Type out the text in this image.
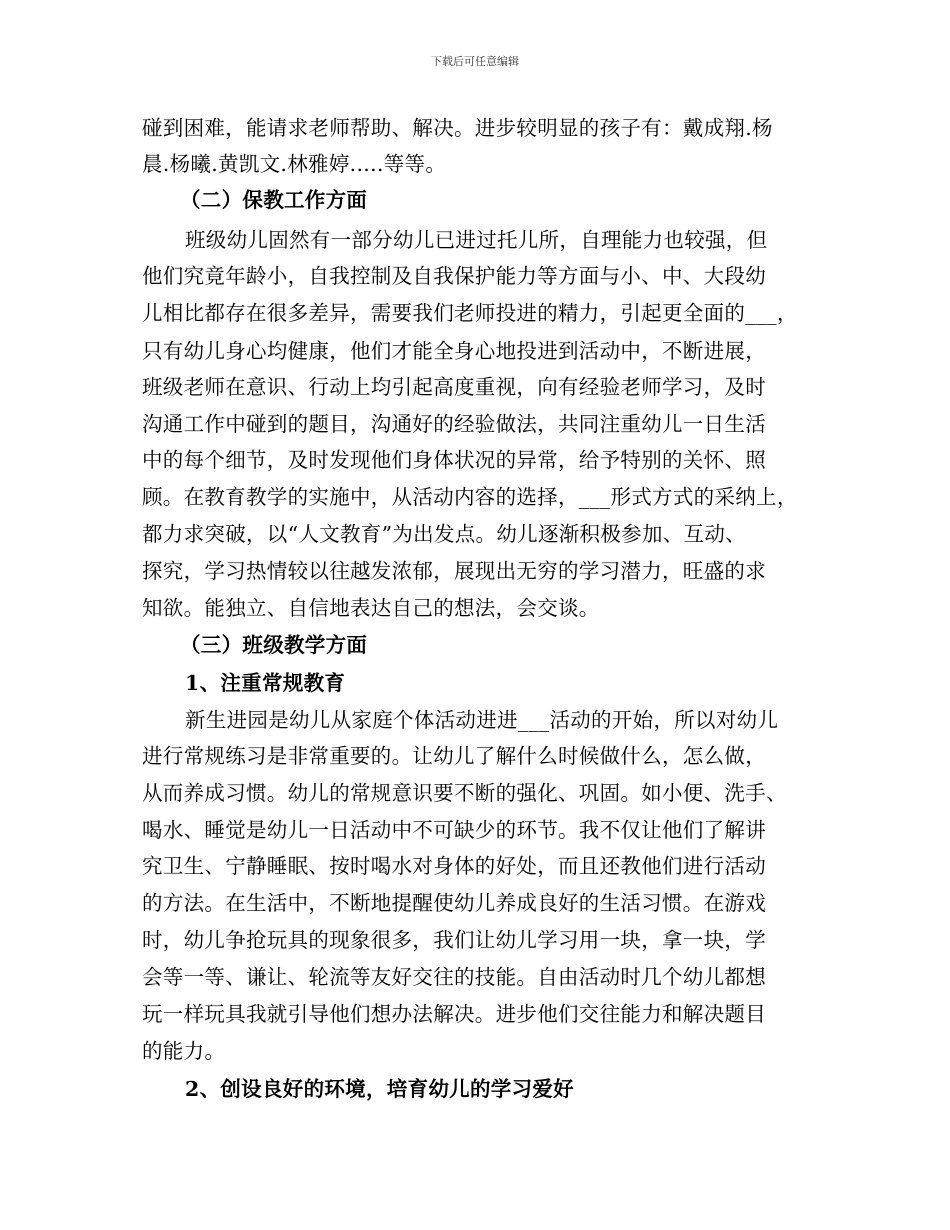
下载后可任意编辑
碰到困难，能请求老师帮助、解决。进步较明显的孩子有：戴成翔.杨
晨.杨曦.黄凯文.林雅婷.....等等。
（二）保教工作方面
班级幼儿固然有一部分幼儿已进过托儿所，自理能力也较强，但
他们究竟年龄小，自我控制及自我保护能力等方面与小、中、大段幼
儿相比都存在很多差异，需要我们老师投进的精力，引起更全面的___，
只有幼儿身心均健康，他们才能全身心地投进到活动中，不断进展，
班级老师在意识、行动上均引起高度重视，向有经验老师学习，及时
沟通工作中碰到的题目，沟通好的经验做法，共同注重幼儿一日生活
中的每个细节，及时发现他们身体状况的异常，给予特别的关怀、照
顾。在教育教学的实施中，从活动内容的选择，___形式方式的采纳上，
都力求突破，以“人文教育”为出发点。幼儿逐渐积极参加、互动、
探究，学习热情较以往越发浓郁，展现出无穷的学习潜力，旺盛的求
知欲。能独立、自信地表达自己的想法，会交谈。
（三）班级教学方面
1、注重常规教育
新生进园是幼儿从家庭个体活动进进___活动的开始，所以对幼儿
进行常规练习是非常重要的。让幼儿了解什么时候做什么，怎么做，
从而养成习惯。幼儿的常规意识要不断的强化、巩固。如小便、洗手、
喝水、睡觉是幼儿一日活动中不可缺少的环节。我不仅让他们了解讲
究卫生、宁静睡眠、按时喝水对身体的好处，而且还教他们进行活动
的方法。在生活中，不断地提醒使幼儿养成良好的生活习惯。在游戏
时，幼儿争抢玩具的现象很多，我们让幼儿学习用一块，拿一块，学
会等一等、谦让、轮流等友好交往的技能。自由活动时几个幼儿都想
玩一样玩具我就引导他们想办法解决。进步他们交往能力和解决题目
的能力。
2、创设良好的环境，培育幼儿的学习爱好
